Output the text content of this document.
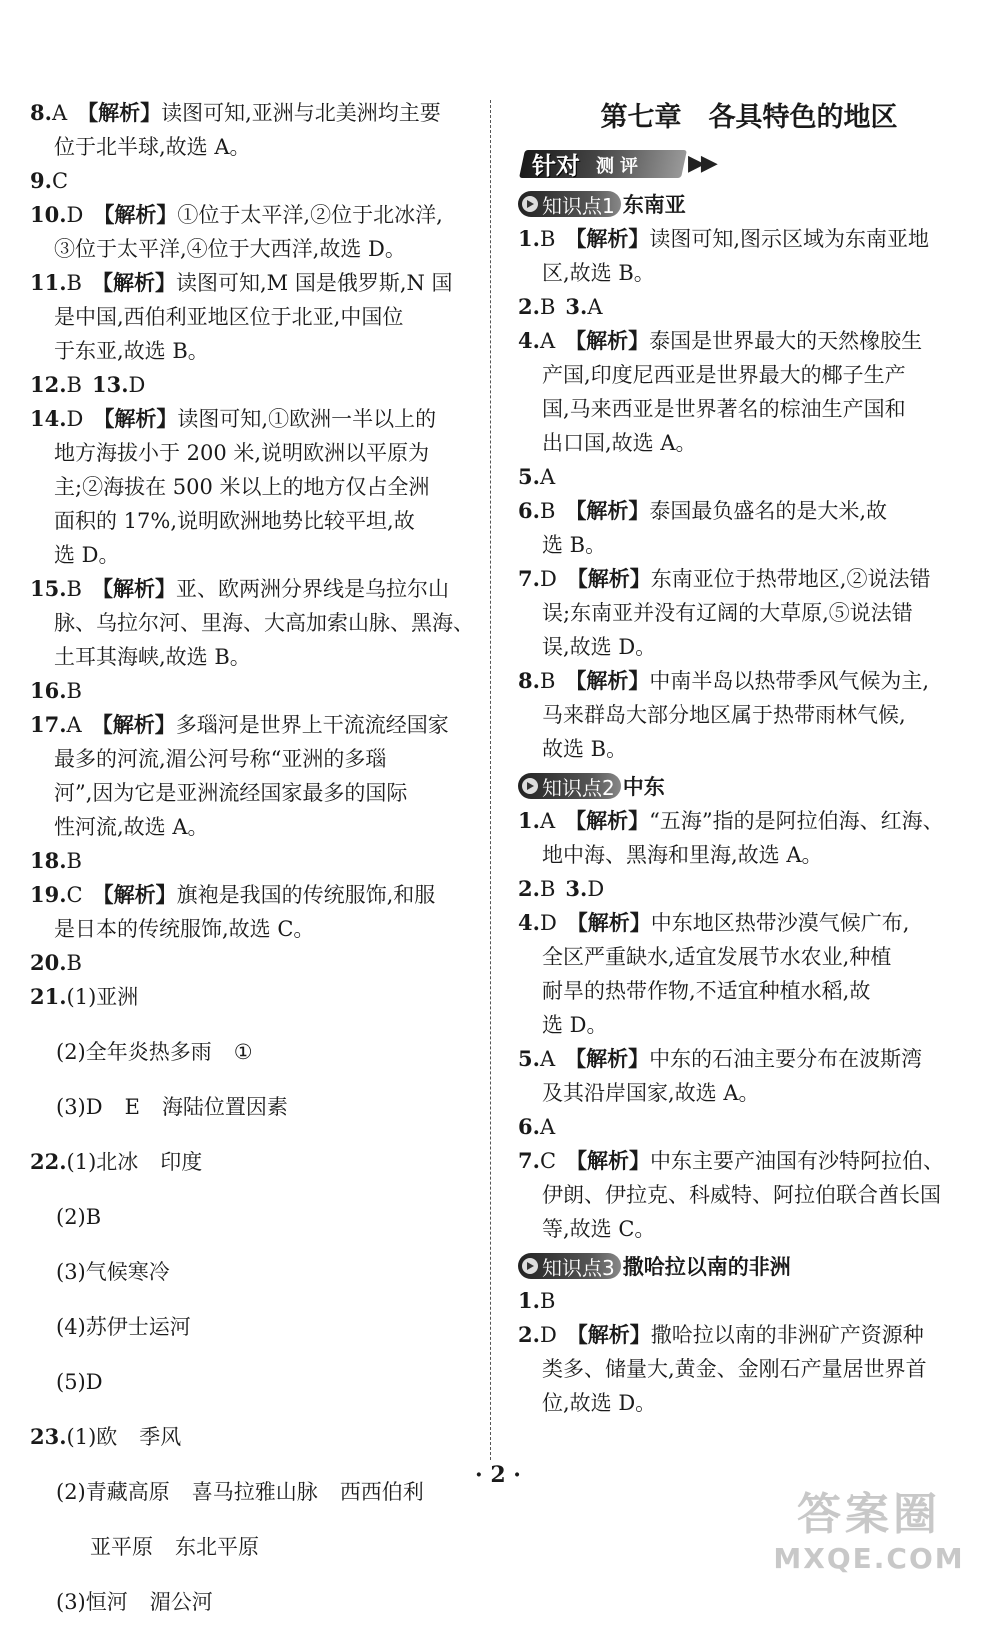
8.A 【解析】读图可知,亚洲与北美洲均主要

位于北半球,故选 A。

9.C

10.D 【解析】①位于太平洋,②位于北冰洋,

③位于太平洋,④位于大西洋,故选 D。

11.B 【解析】读图可知,M 国是俄罗斯,N 国

是中国,西伯利亚地区位于北亚,中国位

于东亚,故选 B。

12.B 13.D

14.D 【解析】读图可知,①欧洲一半以上的

地方海拔小于 200 米,说明欧洲以平原为

主;②海拔在 500 米以上的地方仅占全洲

面积的 17%,说明欧洲地势比较平坦,故

选 D。

15.B 【解析】亚、欧两洲分界线是乌拉尔山

脉、乌拉尔河、里海、大高加索山脉、黑海、

土耳其海峡,故选 B。

16.B

17.A 【解析】多瑙河是世界上干流流经国家

最多的河流,湄公河号称“亚洲的多瑙

河”,因为它是亚洲流经国家最多的国际

性河流,故选 A。

18.B

19.C 【解析】旗袍是我国的传统服饰,和服

是日本的传统服饰,故选 C。

20.B

21.(1)亚洲

(2)全年炎热多雨 ①

(3)D E 海陆位置因素

22.(1)北冰 印度

(2)B

(3)气候寒冷

(4)苏伊士运河

(5)D

23.(1)欧 季风

(2)青藏高原 喜马拉雅山脉 西西伯利

亚平原 东北平原

(3)恒河 湄公河

第七章　各具特色的地区
针对 测评 ▶▶
知识点1 东南亚

1.B 【解析】读图可知,图示区域为东南亚地

区,故选 B。

2.B 3.A

4.A 【解析】泰国是世界最大的天然橡胶生

产国,印度尼西亚是世界最大的椰子生产

国,马来西亚是世界著名的棕油生产国和

出口国,故选 A。

5.A

6.B 【解析】泰国最负盛名的是大米,故

选 B。

7.D 【解析】东南亚位于热带地区,②说法错

误;东南亚并没有辽阔的大草原,⑤说法错

误,故选 D。

8.B 【解析】中南半岛以热带季风气候为主,

马来群岛大部分地区属于热带雨林气候,

故选 B。

知识点2 中东

1.A 【解析】“五海”指的是阿拉伯海、红海、

地中海、黑海和里海,故选 A。

2.B 3.D

4.D 【解析】中东地区热带沙漠气候广布,

全区严重缺水,适宜发展节水农业,种植

耐旱的热带作物,不适宜种植水稻,故

选 D。

5.A 【解析】中东的石油主要分布在波斯湾

及其沿岸国家,故选 A。

6.A

7.C 【解析】中东主要产油国有沙特阿拉伯、

伊朗、伊拉克、科威特、阿拉伯联合酋长国

等,故选 C。

知识点3 撒哈拉以南的非洲

1.B

2.D 【解析】撒哈拉以南的非洲矿产资源种

类多、储量大,黄金、金刚石产量居世界首

位,故选 D。

· 2 ·
答案圈
MXQE.COM
